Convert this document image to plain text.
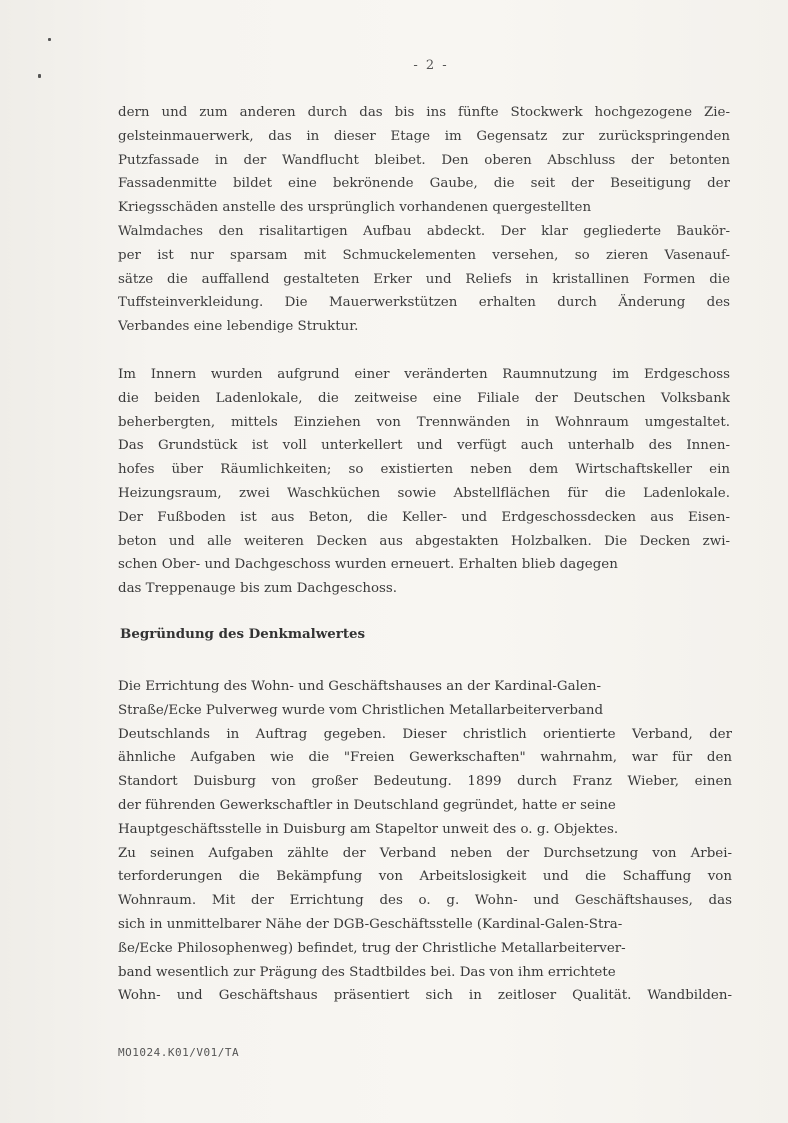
- 2 -

dern und zum anderen durch das bis ins fünfte Stockwerk hochgezogene Zie-
gelsteinmauerwerk, das in dieser Etage im Gegensatz zur zurückspringenden
Putzfassade in der Wandflucht bleibet. Den oberen Abschluss der betonten
Fassadenmitte bildet eine bekrönende Gaube, die seit der Beseitigung der
Kriegsschäden anstelle des ursprünglich vorhandenen quergestellten
Walmdaches den risalitartigen Aufbau abdeckt. Der klar gegliederte Baukör-
per ist nur sparsam mit Schmuckelementen versehen, so zieren Vasenauf-
sätze die auffallend gestalteten Erker und Reliefs in kristallinen Formen die
Tuffsteinverkleidung. Die Mauerwerkstützen erhalten durch Änderung des
Verbandes eine lebendige Struktur.

Im Innern wurden aufgrund einer veränderten Raumnutzung im Erdgeschoss
die beiden Ladenlokale, die zeitweise eine Filiale der Deutschen Volksbank
beherbergten, mittels Einziehen von Trennwänden in Wohnraum umgestaltet.
Das Grundstück ist voll unterkellert und verfügt auch unterhalb des Innen-
hofes über Räumlichkeiten; so existierten neben dem Wirtschaftskeller ein
Heizungsraum, zwei Waschküchen sowie Abstellflächen für die Ladenlokale.
Der Fußboden ist aus Beton, die Keller- und Erdgeschossdecken aus Eisen-
beton und alle weiteren Decken aus abgestakten Holzbalken. Die Decken zwi-
schen Ober- und Dachgeschoss wurden erneuert. Erhalten blieb dagegen
das Treppenauge bis zum Dachgeschoss.

Begründung des Denkmalwertes

Die Errichtung des Wohn- und Geschäftshauses an der Kardinal-Galen-
Straße/Ecke Pulverweg wurde vom Christlichen Metallarbeiterverband
Deutschlands in Auftrag gegeben. Dieser christlich orientierte Verband, der
ähnliche Aufgaben wie die "Freien Gewerkschaften" wahrnahm, war für den
Standort Duisburg von großer Bedeutung. 1899 durch Franz Wieber, einen
der führenden Gewerkschaftler in Deutschland gegründet, hatte er seine
Hauptgeschäftsstelle in Duisburg am Stapeltor unweit des o. g. Objektes.
Zu seinen Aufgaben zählte der Verband neben der Durchsetzung von Arbei-
terforderungen die Bekämpfung von Arbeitslosigkeit und die Schaffung von
Wohnraum. Mit der Errichtung des o. g. Wohn- und Geschäftshauses, das
sich in unmittelbarer Nähe der DGB-Geschäftsstelle (Kardinal-Galen-Stra-
ße/Ecke Philosophenweg) befindet, trug der Christliche Metallarbeiterver-
band wesentlich zur Prägung des Stadtbildes bei. Das von ihm errichtete
Wohn- und Geschäftshaus präsentiert sich in zeitloser Qualität. Wandbilden-

MO1024.K01/V01/TA
